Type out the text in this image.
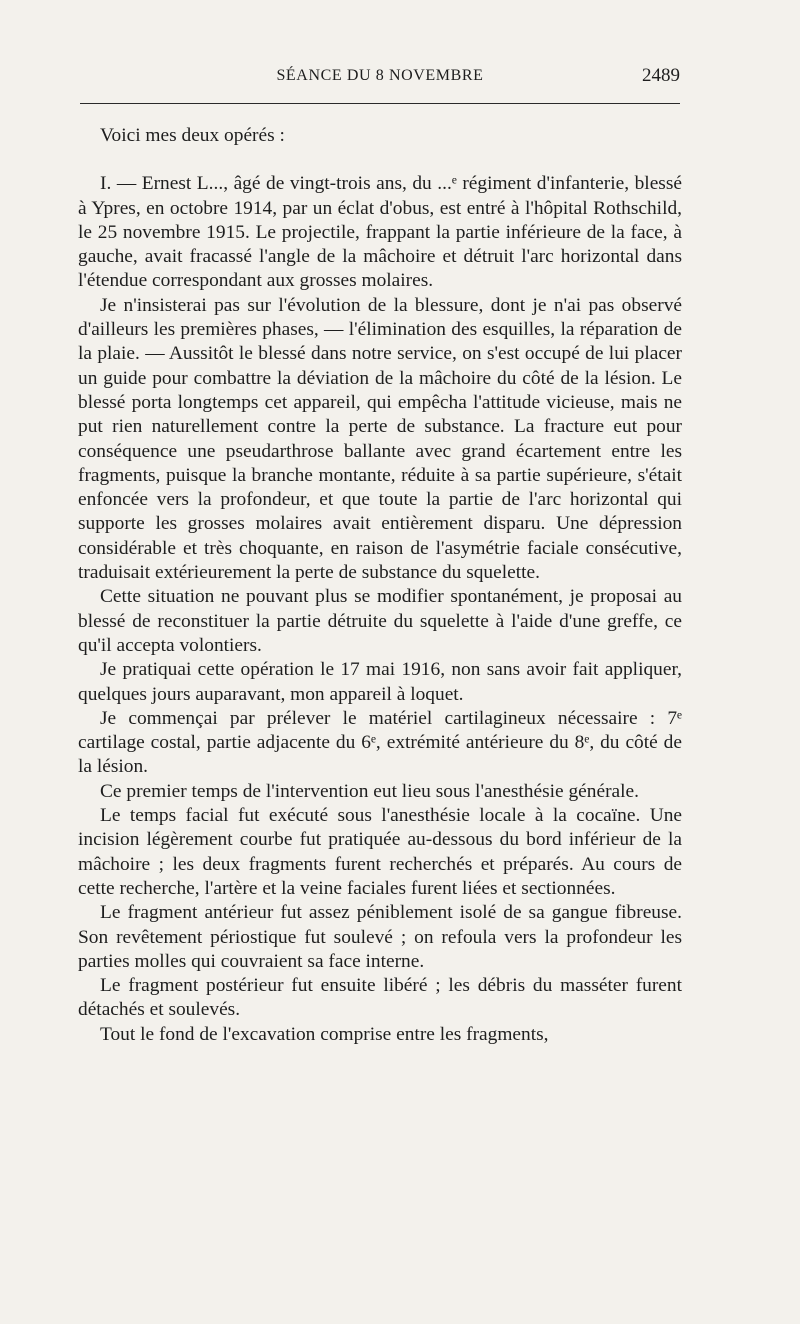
SÉANCE DU 8 NOVEMBRE	2489

Voici mes deux opérés :

I. — Ernest L..., âgé de vingt-trois ans, du ...ᵉ régiment d'infanterie, blessé à Ypres, en octobre 1914, par un éclat d'obus, est entré à l'hôpital Rothschild, le 25 novembre 1915. Le projectile, frappant la partie inférieure de la face, à gauche, avait fracassé l'angle de la mâchoire et détruit l'arc horizontal dans l'étendue correspondant aux grosses molaires.

Je n'insisterai pas sur l'évolution de la blessure, dont je n'ai pas observé d'ailleurs les premières phases, — l'élimination des esquilles, la réparation de la plaie. — Aussitôt le blessé dans notre service, on s'est occupé de lui placer un guide pour combattre la déviation de la mâchoire du côté de la lésion. Le blessé porta longtemps cet appareil, qui empêcha l'attitude vicieuse, mais ne put rien naturellement contre la perte de substance. La fracture eut pour conséquence une pseudarthrose ballante avec grand écartement entre les fragments, puisque la branche montante, réduite à sa partie supérieure, s'était enfoncée vers la profondeur, et que toute la partie de l'arc horizontal qui supporte les grosses molaires avait entièrement disparu. Une dépression considérable et très choquante, en raison de l'asymétrie faciale consécutive, traduisait extérieurement la perte de substance du squelette.

Cette situation ne pouvant plus se modifier spontanément, je proposai au blessé de reconstituer la partie détruite du squelette à l'aide d'une greffe, ce qu'il accepta volontiers.

Je pratiquai cette opération le 17 mai 1916, non sans avoir fait appliquer, quelques jours auparavant, mon appareil à loquet.

Je commençai par prélever le matériel cartilagineux nécessaire : 7ᵉ cartilage costal, partie adjacente du 6ᵉ, extrémité antérieure du 8ᵉ, du côté de la lésion.

Ce premier temps de l'intervention eut lieu sous l'anesthésie générale.

Le temps facial fut exécuté sous l'anesthésie locale à la cocaïne. Une incision légèrement courbe fut pratiquée au-dessous du bord inférieur de la mâchoire ; les deux fragments furent recherchés et préparés. Au cours de cette recherche, l'artère et la veine faciales furent liées et sectionnées.

Le fragment antérieur fut assez péniblement isolé de sa gangue fibreuse. Son revêtement périostique fut soulevé ; on refoula vers la profondeur les parties molles qui couvraient sa face interne.

Le fragment postérieur fut ensuite libéré ; les débris du masséter furent détachés et soulevés.

Tout le fond de l'excavation comprise entre les fragments,
